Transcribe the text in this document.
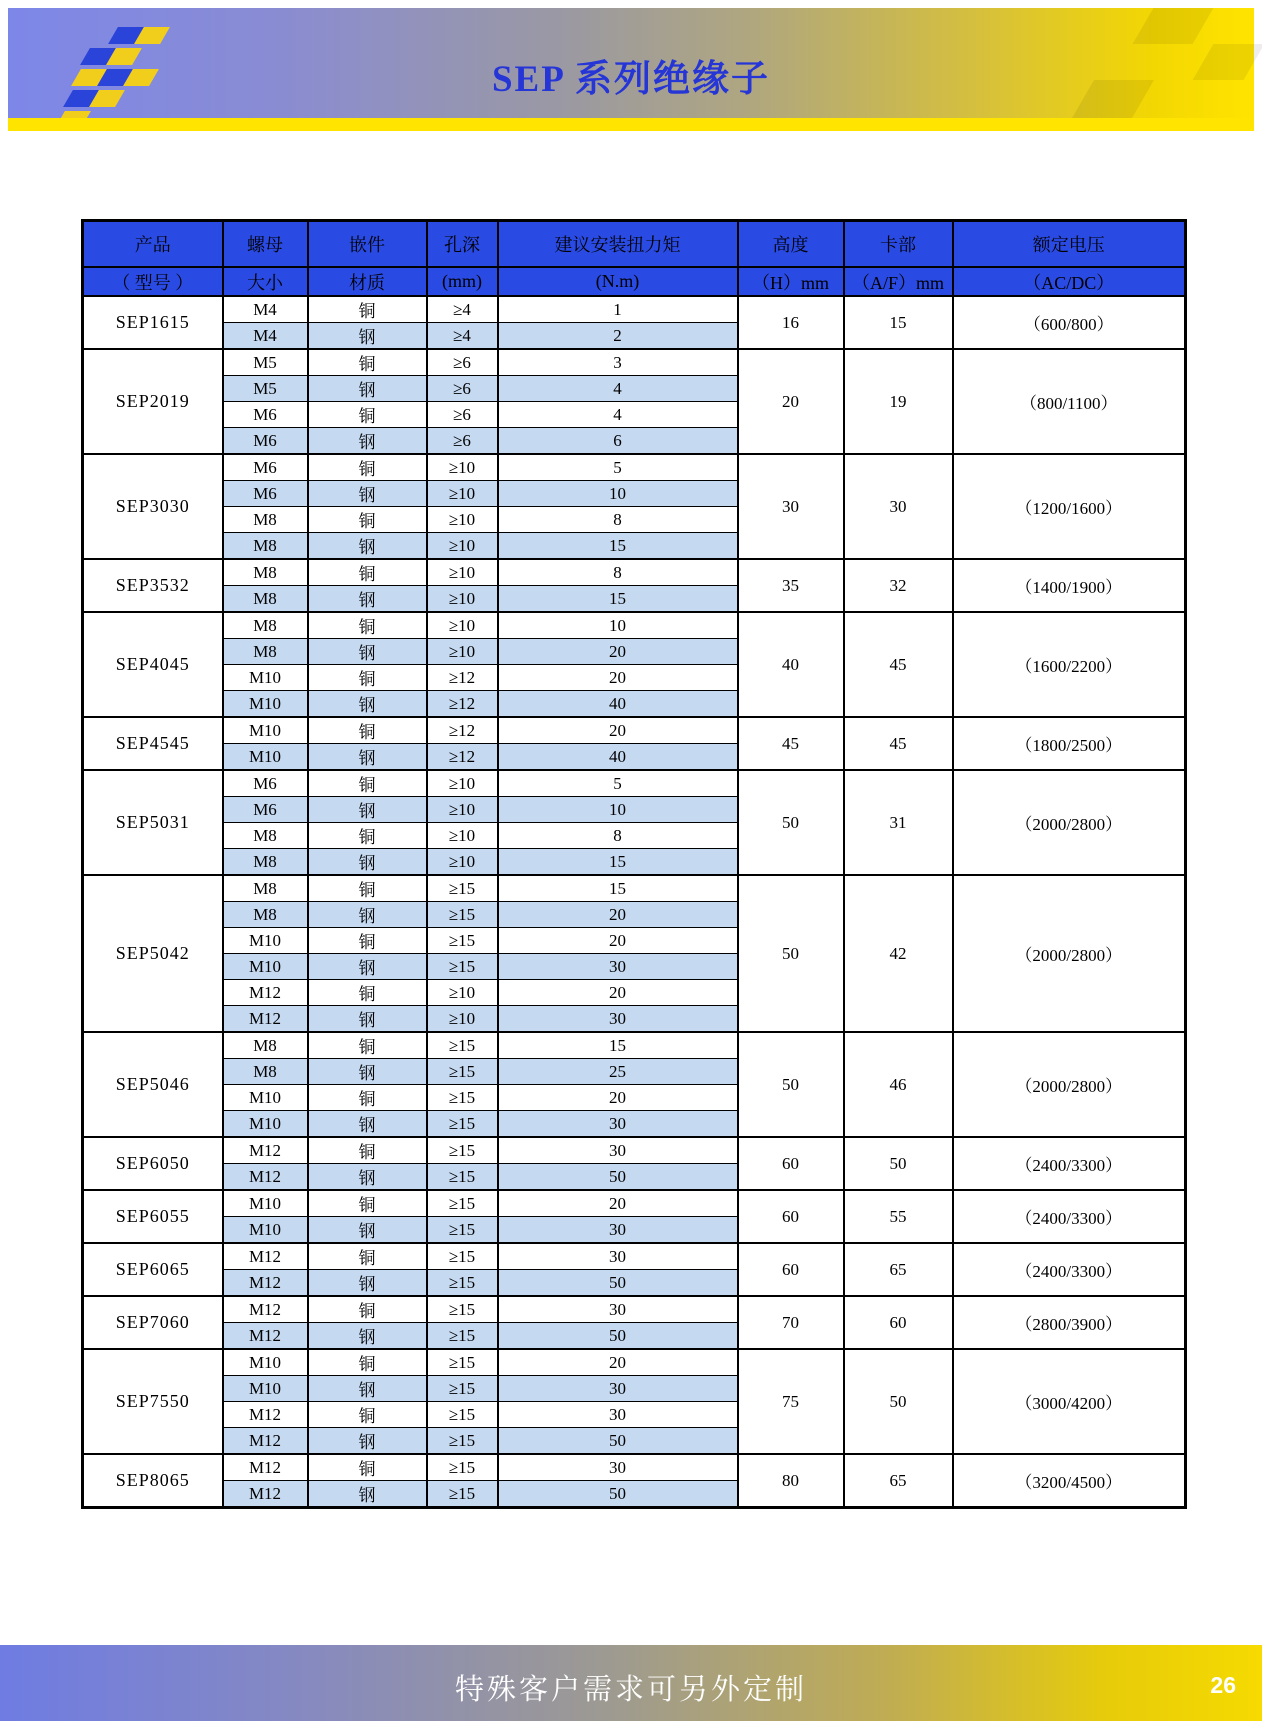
SEP 系列绝缘子
产品	螺母	嵌件	孔深	建议安装扭力矩	高度	卡部	额定电压
（ 型号 ）	大小	材质	(mm)	(N.m)	（H）mm	（A/F）mm	（AC/DC）
SEP1615	M4	铜	≥4	1	16	15	（600/800）
	M4	钢	≥4	2			
SEP2019	M5	铜	≥6	3	20	19	（800/1100）
	M5	钢	≥6	4			
	M6	铜	≥6	4			
	M6	钢	≥6	6			
SEP3030	M6	铜	≥10	5	30	30	（1200/1600）
	M6	钢	≥10	10			
	M8	铜	≥10	8			
	M8	钢	≥10	15			
SEP3532	M8	铜	≥10	8	35	32	（1400/1900）
	M8	钢	≥10	15			
SEP4045	M8	铜	≥10	10	40	45	（1600/2200）
	M8	钢	≥10	20			
	M10	铜	≥12	20			
	M10	钢	≥12	40			
SEP4545	M10	铜	≥12	20	45	45	（1800/2500）
	M10	钢	≥12	40			
SEP5031	M6	铜	≥10	5	50	31	（2000/2800）
	M6	钢	≥10	10			
	M8	铜	≥10	8			
	M8	钢	≥10	15			
SEP5042	M8	铜	≥15	15	50	42	（2000/2800）
	M8	钢	≥15	20			
	M10	铜	≥15	20			
	M10	钢	≥15	30			
	M12	铜	≥10	20			
	M12	钢	≥10	30			
SEP5046	M8	铜	≥15	15	50	46	（2000/2800）
	M8	钢	≥15	25			
	M10	铜	≥15	20			
	M10	钢	≥15	30			
SEP6050	M12	铜	≥15	30	60	50	（2400/3300）
	M12	钢	≥15	50			
SEP6055	M10	铜	≥15	20	60	55	（2400/3300）
	M10	钢	≥15	30			
SEP6065	M12	铜	≥15	30	60	65	（2400/3300）
	M12	钢	≥15	50			
SEP7060	M12	铜	≥15	30	70	60	（2800/3900）
	M12	钢	≥15	50			
SEP7550	M10	铜	≥15	20	75	50	（3000/4200）
	M10	钢	≥15	30			
	M12	铜	≥15	30			
	M12	钢	≥15	50			
SEP8065	M12	铜	≥15	30	80	65	（3200/4500）
	M12	钢	≥15	50			
特殊客户需求可另外定制	26
